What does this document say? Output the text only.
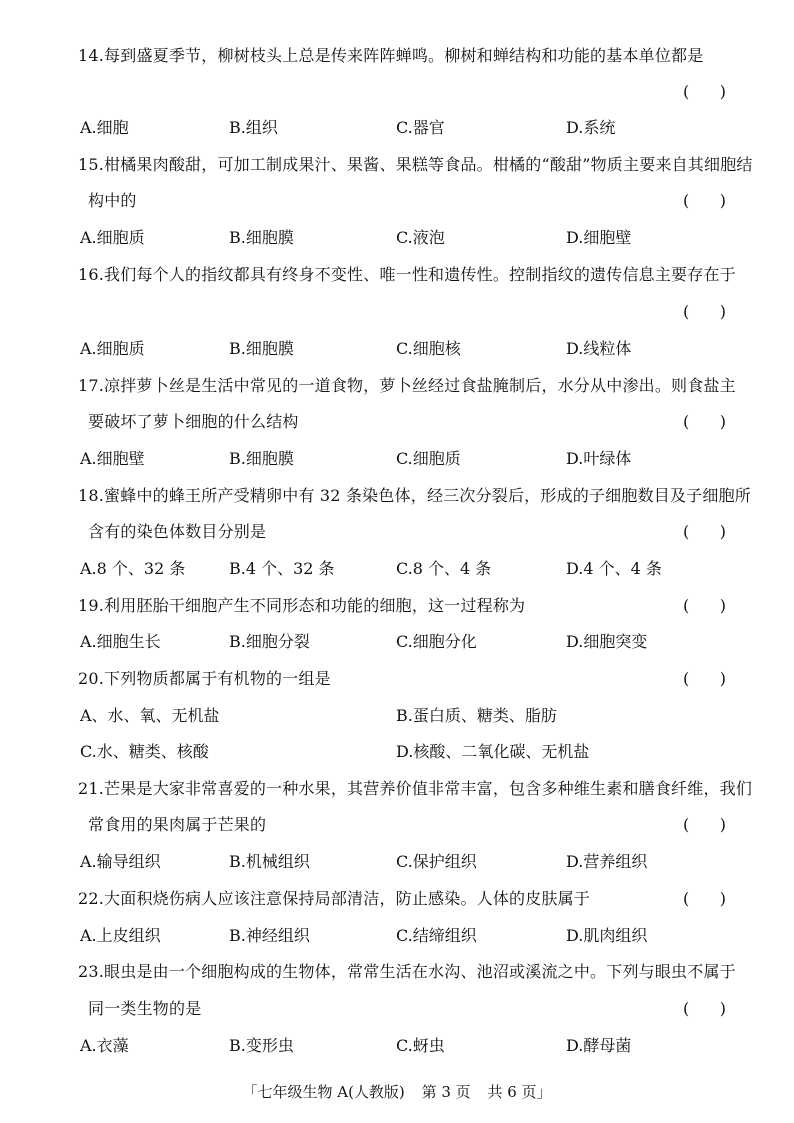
14.每到盛夏季节，柳树枝头上总是传来阵阵蝉鸣。柳树和蝉结构和功能的基本单位都是
(      )
A.细胞	B.组织	C.器官	D.系统
15.柑橘果肉酸甜，可加工制成果汁、果酱、果糕等食品。柑橘的“酸甜”物质主要来自其细胞结
构中的	(      )
A.细胞质	B.细胞膜	C.液泡	D.细胞壁
16.我们每个人的指纹都具有终身不变性、唯一性和遗传性。控制指纹的遗传信息主要存在于
(      )
A.细胞质	B.细胞膜	C.细胞核	D.线粒体
17.凉拌萝卜丝是生活中常见的一道食物，萝卜丝经过食盐腌制后，水分从中渗出。则食盐主
要破坏了萝卜细胞的什么结构	(      )
A.细胞壁	B.细胞膜	C.细胞质	D.叶绿体
18.蜜蜂中的蜂王所产受精卵中有 32 条染色体，经三次分裂后，形成的子细胞数目及子细胞所
含有的染色体数目分别是	(      )
A.8 个、32 条	B.4 个、32 条	C.8 个、4 条	D.4 个、4 条
19.利用胚胎干细胞产生不同形态和功能的细胞，这一过程称为	(      )
A.细胞生长	B.细胞分裂	C.细胞分化	D.细胞突变
20.下列物质都属于有机物的一组是	(      )
A、水、氧、无机盐	B.蛋白质、糖类、脂肪
C.水、糖类、核酸	D.核酸、二氧化碳、无机盐
21.芒果是大家非常喜爱的一种水果，其营养价值非常丰富，包含多种维生素和膳食纤维，我们
常食用的果肉属于芒果的	(      )
A.输导组织	B.机械组织	C.保护组织	D.营养组织
22.大面积烧伤病人应该注意保持局部清洁，防止感染。人体的皮肤属于	(      )
A.上皮组织	B.神经组织	C.结缔组织	D.肌肉组织
23.眼虫是由一个细胞构成的生物体，常常生活在水沟、池沼或溪流之中。下列与眼虫不属于
同一类生物的是	(      )
A.衣藻	B.变形虫	C.蚜虫	D.酵母菌
「七年级生物 A(人教版) 第 3 页 共 6 页」
